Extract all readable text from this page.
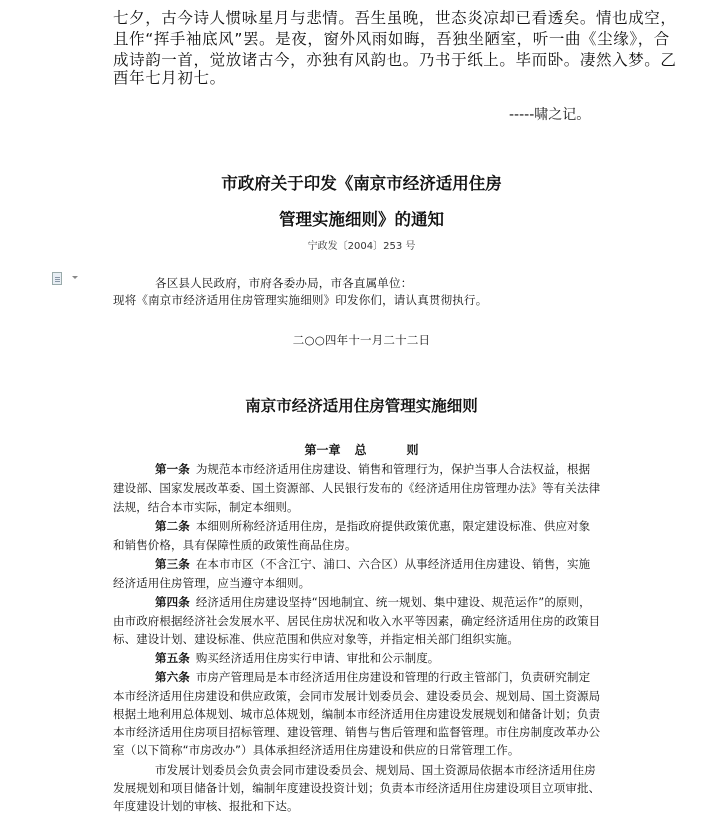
七夕，古今诗人惯咏星月与悲情。吾生虽晚，世态炎凉却已看透矣。情也成空，
且作“挥手袖底风”罢。是夜，窗外风雨如晦，吾独坐陋室，听一曲《尘缘》，合
成诗韵一首，觉放诸古今，亦独有风韵也。乃书于纸上。毕而卧。凄然入梦。乙
酉年七月初七。
-----啸之记。
市政府关于印发《南京市经济适用住房
管理实施细则》的通知
宁政发〔2004〕253 号
各区县人民政府，市府各委办局，市各直属单位：
现将《南京市经济适用住房管理实施细则》印发你们，请认真贯彻执行。
二○○四年十一月二十二日
南京市经济适用住房管理实施细则
第一章 总	则
第一条 为规范本市经济适用住房建设、销售和管理行为，保护当事人合法权益，根据
建设部、国家发展改革委、国土资源部、人民银行发布的《经济适用住房管理办法》等有关法律
法规，结合本市实际，制定本细则。
第二条 本细则所称经济适用住房，是指政府提供政策优惠，限定建设标准、供应对象
和销售价格，具有保障性质的政策性商品住房。
第三条 在本市市区（不含江宁、浦口、六合区）从事经济适用住房建设、销售，实施
经济适用住房管理，应当遵守本细则。
第四条 经济适用住房建设坚持“因地制宜、统一规划、集中建设、规范运作”的原则，
由市政府根据经济社会发展水平、居民住房状况和收入水平等因素，确定经济适用住房的政策目
标、建设计划、建设标准、供应范围和供应对象等，并指定相关部门组织实施。
第五条 购买经济适用住房实行申请、审批和公示制度。
第六条 市房产管理局是本市经济适用住房建设和管理的行政主管部门，负责研究制定
本市经济适用住房建设和供应政策，会同市发展计划委员会、建设委员会、规划局、国土资源局
根据土地利用总体规划、城市总体规划，编制本市经济适用住房建设发展规划和储备计划；负责
本市经济适用住房项目招标管理、建设管理、销售与售后管理和监督管理。市住房制度改革办公
室（以下简称“市房改办”）具体承担经济适用住房建设和供应的日常管理工作。
市发展计划委员会负责会同市建设委员会、规划局、国土资源局依据本市经济适用住房
发展规划和项目储备计划，编制年度建设投资计划；负责本市经济适用住房建设项目立项审批、
年度建设计划的审核、报批和下达。
